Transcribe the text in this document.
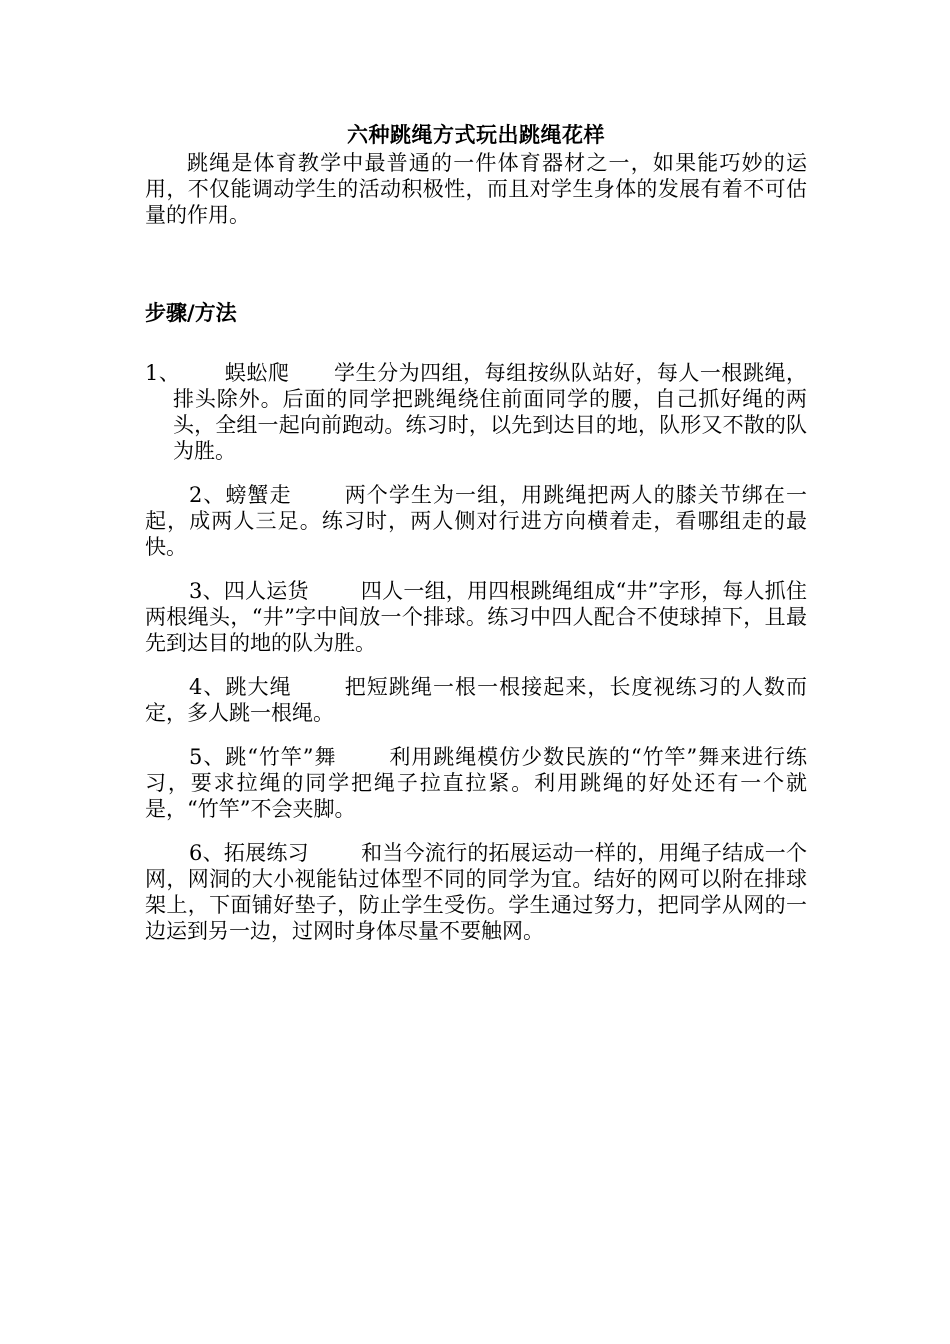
六种跳绳方式玩出跳绳花样

跳绳是体育教学中最普通的一件体育器材之一，如果能巧妙的运用，不仅能调动学生的活动积极性，而且对学生身体的发展有着不可估量的作用。

步骤/方法

1、 蜈蚣爬 学生分为四组，每组按纵队站好，每人一根跳绳，排头除外。后面的同学把跳绳绕住前面同学的腰，自己抓好绳的两头，全组一起向前跑动。练习时，以先到达目的地，队形又不散的队为胜。

2、螃蟹走 两个学生为一组，用跳绳把两人的膝关节绑在一起，成两人三足。练习时，两人侧对行进方向横着走，看哪组走的最快。

3、四人运货 四人一组，用四根跳绳组成“井”字形，每人抓住两根绳头，“井”字中间放一个排球。练习中四人配合不使球掉下，且最先到达目的地的队为胜。

4、跳大绳 把短跳绳一根一根接起来，长度视练习的人数而定，多人跳一根绳。

5、跳“竹竿”舞 利用跳绳模仿少数民族的“竹竿”舞来进行练习，要求拉绳的同学把绳子拉直拉紧。利用跳绳的好处还有一个就是，“竹竿”不会夹脚。

6、拓展练习 和当今流行的拓展运动一样的，用绳子结成一个网，网洞的大小视能钻过体型不同的同学为宜。结好的网可以附在排球架上，下面铺好垫子，防止学生受伤。学生通过努力，把同学从网的一边运到另一边，过网时身体尽量不要触网。
